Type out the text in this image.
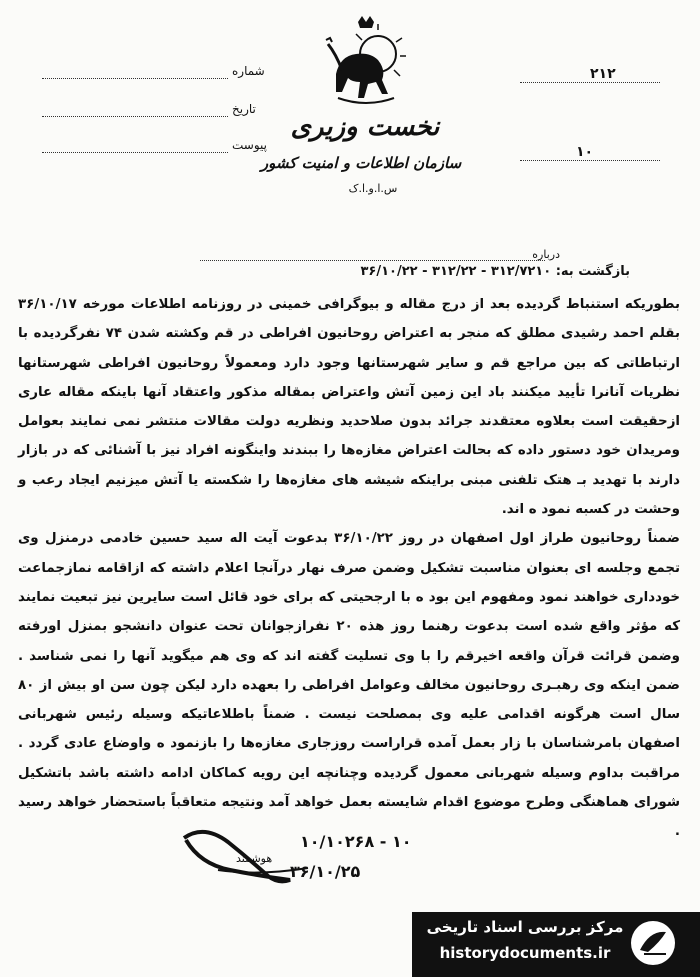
نخست وزیری
سازمان اطلاعات و امنیت کشور
س.ا.و.ا.ک
شماره
تاریخ
پیوست
۲۱۲
۱۰
درباره
بازگشت به: ۳۱۲/۷۲۱۰ - ۳۱۲/۲۲ - ۳۶/۱۰/۲۲

بطوریکه استنباط گردیده بعد از درج مقاله و بیوگرافی خمینی در روزنامه اطلاعات مورخه ۳۶/۱۰/۱۷ بقلم احمد رشیدی مطلق که منجر به اعتراض روحانیون افراطی در قم وکشته شدن ۷۴ نفرگردیده با ارتباطاتی که بین مراجع قم و سایر شهرستانها وجود دارد ومعمولاً روحانیون افراطی شهرستانها نظریات آنانرا تأیید میکنند باد این زمین آتش واعتراض بمقاله مذکور واعتقاد آنها باینکه مقاله عاری ازحقیقت است بعلاوه معتقدند جرائد بدون صلاحدید ونظریه دولت مقالات منتشر نمی نمایند بعوامل ومریدان خود دستور داده که بحالت اعتراض مغازه‌ها را ببندند واینگونه افراد نیز با آشنائی که در بازار دارند با تهدید بـ هتک تلفنی مبنی براینکه شیشه های مغازه‌ها را شکسته یا آتش میزنیم ایجاد رعب و وحشت در کسبه نمود ه اند.

ضمناً روحانیون طراز اول اصفهان در روز ۳۶/۱۰/۲۲ بدعوت آیت اله سید حسین خادمی درمنزل وی تجمع وجلسه ای بعنوان مناسبت تشکیل وضمن صرف نهار درآنجا اعلام داشته که ازاقامه نمازجماعت خودداری خواهند نمود ومفهوم این بود ه با ارجحیتی که برای خود قائل است سایرین نیز تبعیت نمایند که مؤثر واقع شده است بدعوت رهنما روز هذه ۲۰ نفرازجوانان تحت عنوان دانشجو بمنزل اورفته وضمن قرائت قرآن واقعه اخیرقم را با وی تسلیت گفته اند که وی هم میگوید آنها را نمی شناسد . ضمن اینکه وی رهبـری روحانیون مخالف وعوامل افراطی را بعهده دارد لیکن چون سن او بیش از ۸۰ سال است هرگونه اقدامی علیه وی بمصلحت نیست . ضمناً باطلاعاتیکه وسیله رئیس شهربانی اصفهان بامرشناسان با زار بعمل آمده قراراست روزجاری مغازه‌ها را بازنمود ه واوضاع عادی گردد . مراقبت بداوم وسیله شهربانی معمول گردیده وچنانچه این رویه کماکان ادامه داشته باشد باتشکیل شورای هماهنگی وطرح موضوع اقدام شایسته بعمل خواهد آمد ونتیجه متعاقباً باستحضار خواهد رسید .

۱۰/۱۰۲۶۸ - ۱۰
هوشمند
۳۶/۱۰/۲۵
مرکز بررسی اسناد تاریخی
historydocuments.ir
